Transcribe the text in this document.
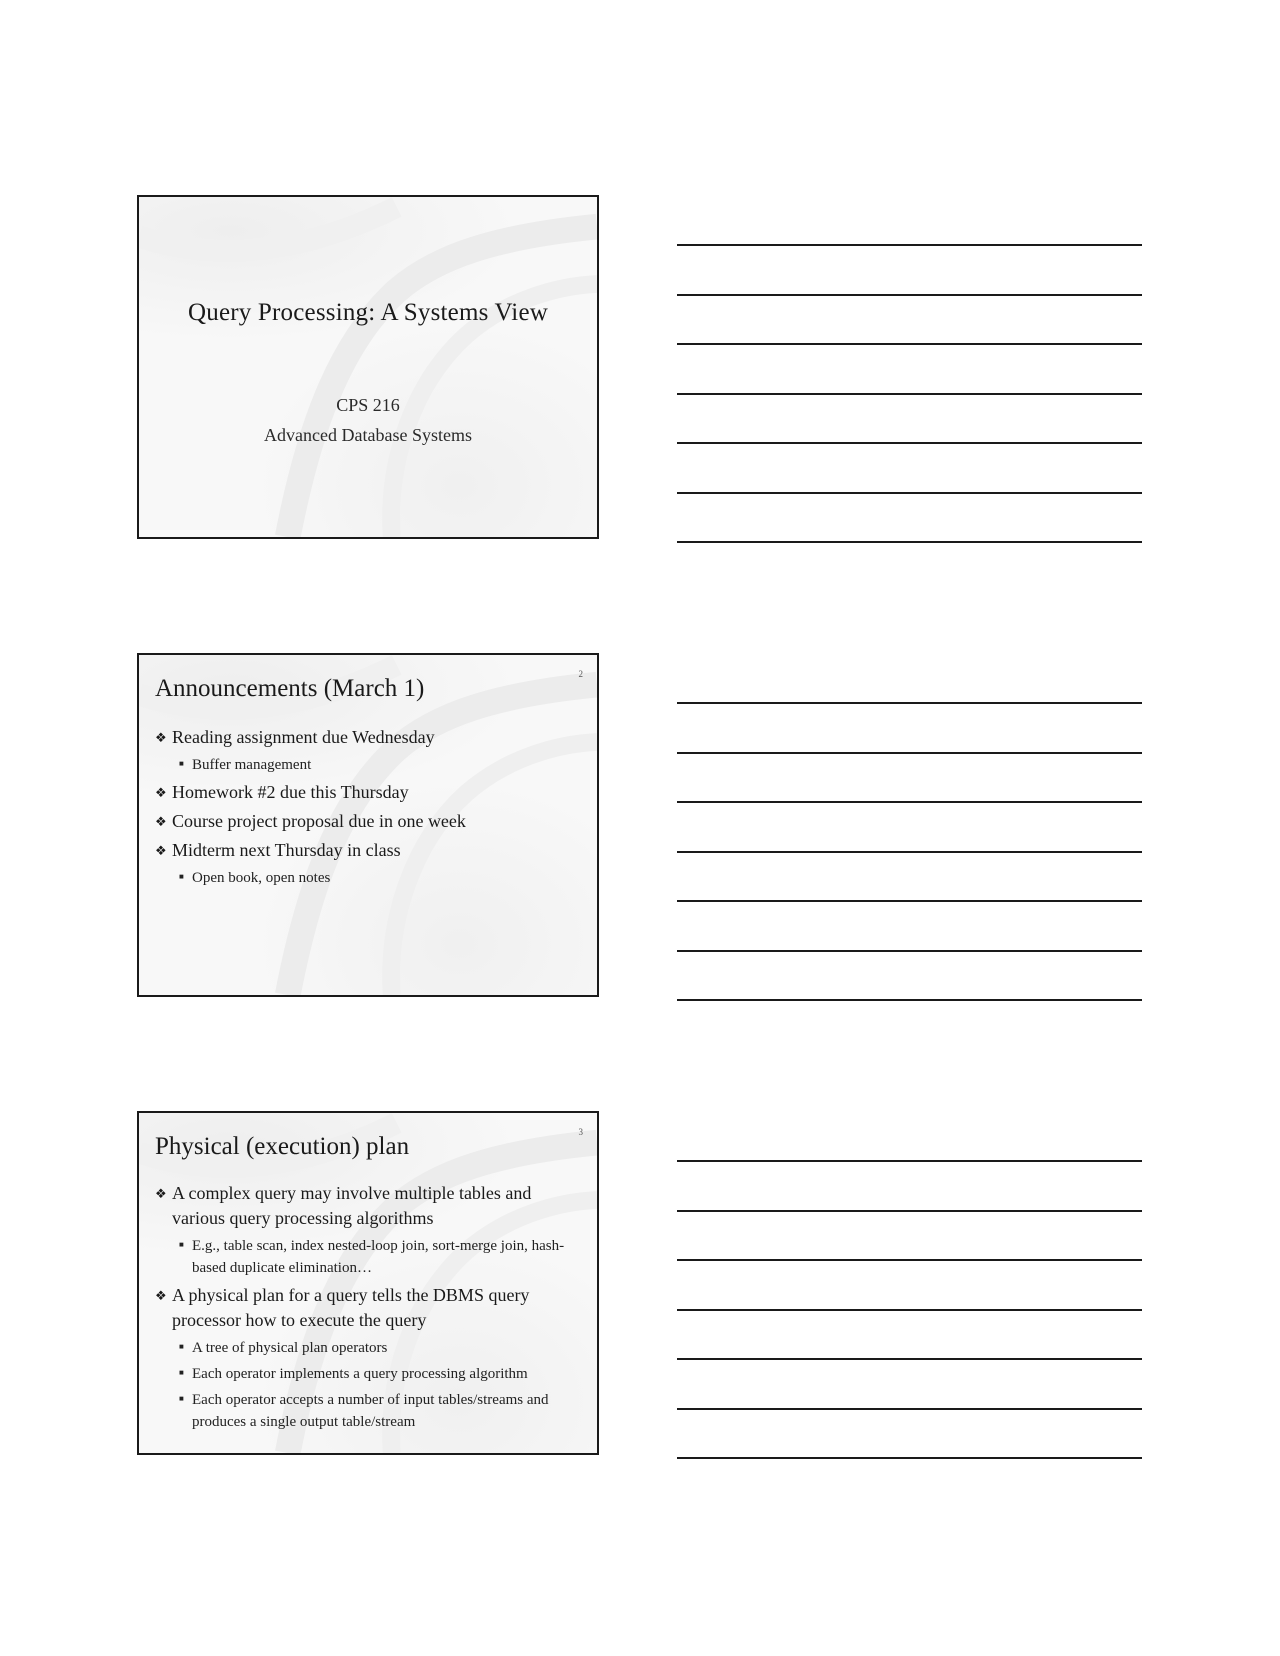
Query Processing: A Systems View
CPS 216
Advanced Database Systems
2
Announcements (March 1)
❖ Reading assignment due Wednesday
■ Buffer management
❖ Homework #2 due this Thursday
❖ Course project proposal due in one week
❖ Midterm next Thursday in class
■ Open book, open notes
3
Physical (execution) plan
❖ A complex query may involve multiple tables and various query processing algorithms
■ E.g., table scan, index nested-loop join, sort-merge join, hash-based duplicate elimination…
❖ A physical plan for a query tells the DBMS query processor how to execute the query
■ A tree of physical plan operators
■ Each operator implements a query processing algorithm
■ Each operator accepts a number of input tables/streams and produces a single output table/stream
